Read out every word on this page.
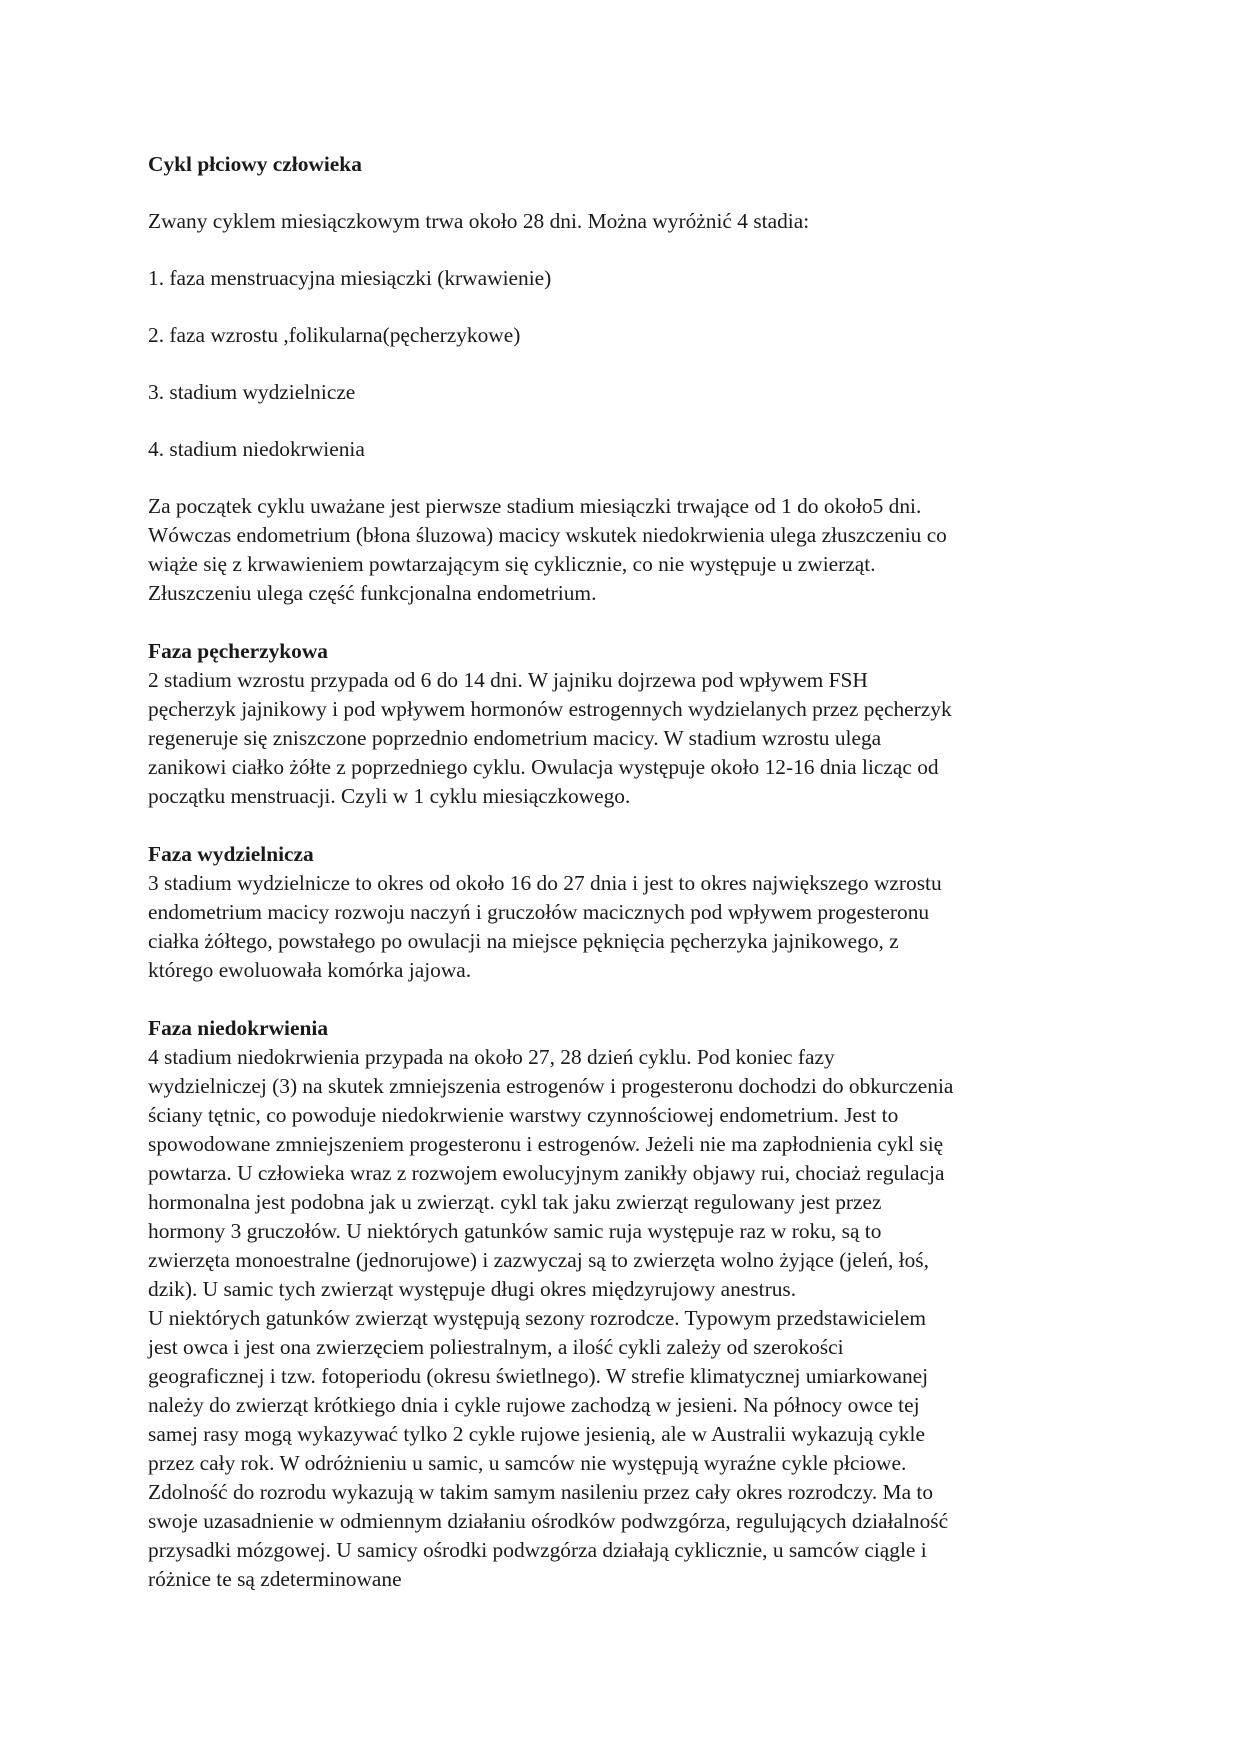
Cykl płciowy człowieka

Zwany cyklem miesiączkowym trwa około 28 dni. Można wyróżnić 4 stadia:

1. faza menstruacyjna miesiączki (krwawienie)

2. faza wzrostu ,folikularna(pęcherzykowe)

3. stadium wydzielnicze

4. stadium niedokrwienia

Za początek cyklu uważane jest pierwsze stadium miesiączki trwające od 1 do około5 dni.
Wówczas endometrium (błona śluzowa) macicy wskutek niedokrwienia ulega złuszczeniu co
wiąże się z krwawieniem powtarzającym się cyklicznie, co nie występuje u zwierząt.
Złuszczeniu ulega część funkcjonalna endometrium.

Faza pęcherzykowa

2 stadium wzrostu przypada od 6 do 14 dni. W jajniku dojrzewa pod wpływem FSH
pęcherzyk jajnikowy i pod wpływem hormonów estrogennych wydzielanych przez pęcherzyk
regeneruje się zniszczone poprzednio endometrium macicy. W stadium wzrostu ulega
zanikowi ciałko żółte z poprzedniego cyklu. Owulacja występuje około 12-16 dnia licząc od
początku menstruacji. Czyli w 1 cyklu miesiączkowego.

Faza wydzielnicza

3 stadium wydzielnicze to okres od około 16 do 27 dnia i jest to okres największego wzrostu
endometrium macicy rozwoju naczyń i gruczołów macicznych pod wpływem progesteronu
ciałka żółtego, powstałego po owulacji na miejsce pęknięcia pęcherzyka jajnikowego, z
którego ewoluowała komórka jajowa.

Faza niedokrwienia

4 stadium niedokrwienia przypada na około 27, 28 dzień cyklu. Pod koniec fazy
wydzielniczej (3) na skutek zmniejszenia estrogenów i progesteronu dochodzi do obkurczenia
ściany tętnic, co powoduje niedokrwienie warstwy czynnościowej endometrium. Jest to
spowodowane zmniejszeniem progesteronu i estrogenów. Jeżeli nie ma zapłodnienia cykl się
powtarza. U człowieka wraz z rozwojem ewolucyjnym zanikły objawy rui, chociaż regulacja
hormonalna jest podobna jak u zwierząt. cykl tak jaku zwierząt regulowany jest przez
hormony 3 gruczołów. U niektórych gatunków samic ruja występuje raz w roku, są to
zwierzęta monoestralne (jednorujowe) i zazwyczaj są to zwierzęta wolno żyjące (jeleń, łoś,
dzik). U samic tych zwierząt występuje długi okres międzyrujowy anestrus.
U niektórych gatunków zwierząt występują sezony rozrodcze. Typowym przedstawicielem
jest owca i jest ona zwierzęciem poliestralnym, a ilość cykli zależy od szerokości
geograficznej i tzw. fotoperiodu (okresu świetlnego). W strefie klimatycznej umiarkowanej
należy do zwierząt krótkiego dnia i cykle rujowe zachodzą w jesieni. Na północy owce tej
samej rasy mogą wykazywać tylko 2 cykle rujowe jesienią, ale w Australii wykazują cykle
przez cały rok. W odróżnieniu u samic, u samców nie występują wyraźne cykle płciowe.
Zdolność do rozrodu wykazują w takim samym nasileniu przez cały okres rozrodczy. Ma to
swoje uzasadnienie w odmiennym działaniu ośrodków podwzgórza, regulujących działalność
przysadki mózgowej. U samicy ośrodki podwzgórza działają cyklicznie, u samców ciągle i
różnice te są zdeterminowane
